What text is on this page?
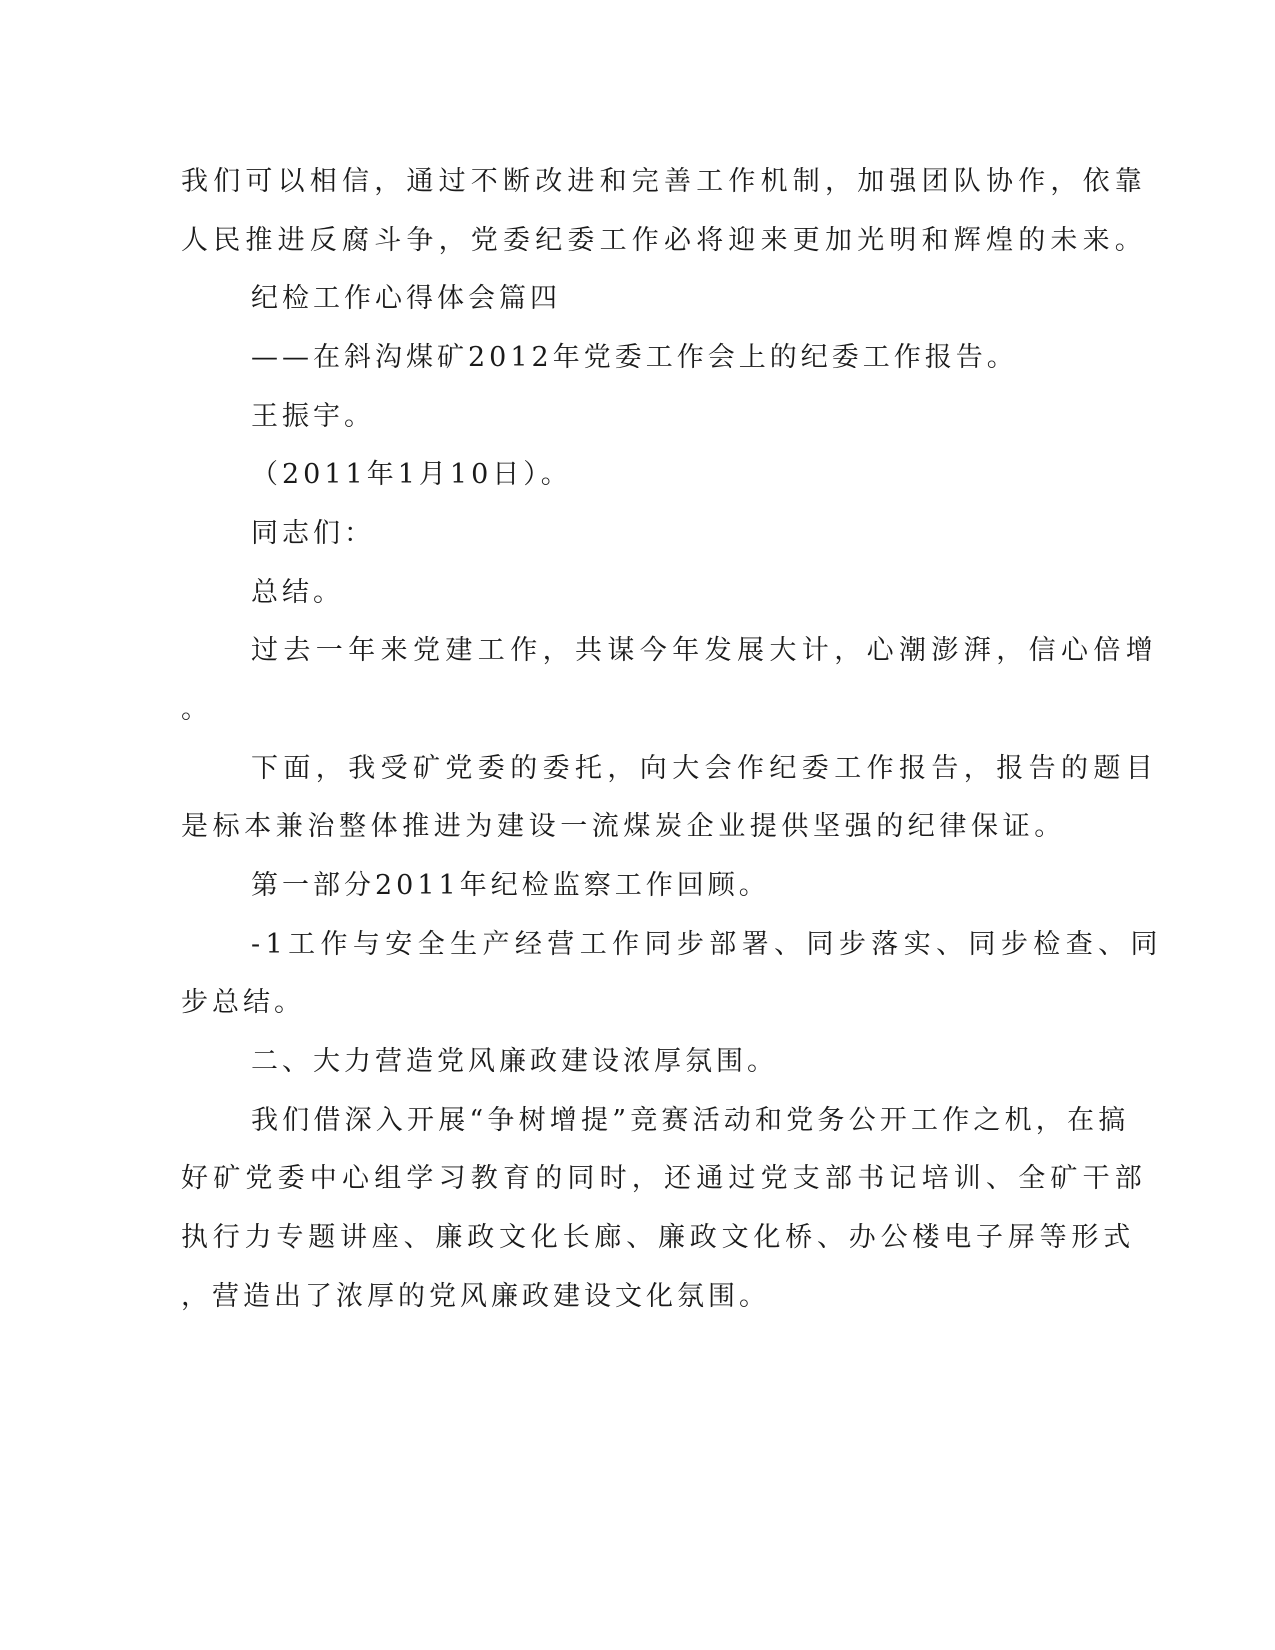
我们可以相信，通过不断改进和完善工作机制，加强团队协作，依靠
人民推进反腐斗争，党委纪委工作必将迎来更加光明和辉煌的未来。
纪检工作心得体会篇四
——在斜沟煤矿2012年党委工作会上的纪委工作报告。
王振宇。
（2011年1月10日）。
同志们：
总结。
过去一年来党建工作，共谋今年发展大计，心潮澎湃，信心倍增
。
下面，我受矿党委的委托，向大会作纪委工作报告，报告的题目
是标本兼治整体推进为建设一流煤炭企业提供坚强的纪律保证。
第一部分2011年纪检监察工作回顾。
-1工作与安全生产经营工作同步部署、同步落实、同步检查、同
步总结。
二、大力营造党风廉政建设浓厚氛围。
我们借深入开展“争树增提”竞赛活动和党务公开工作之机，在搞
好矿党委中心组学习教育的同时，还通过党支部书记培训、全矿干部
执行力专题讲座、廉政文化长廊、廉政文化桥、办公楼电子屏等形式
，营造出了浓厚的党风廉政建设文化氛围。
